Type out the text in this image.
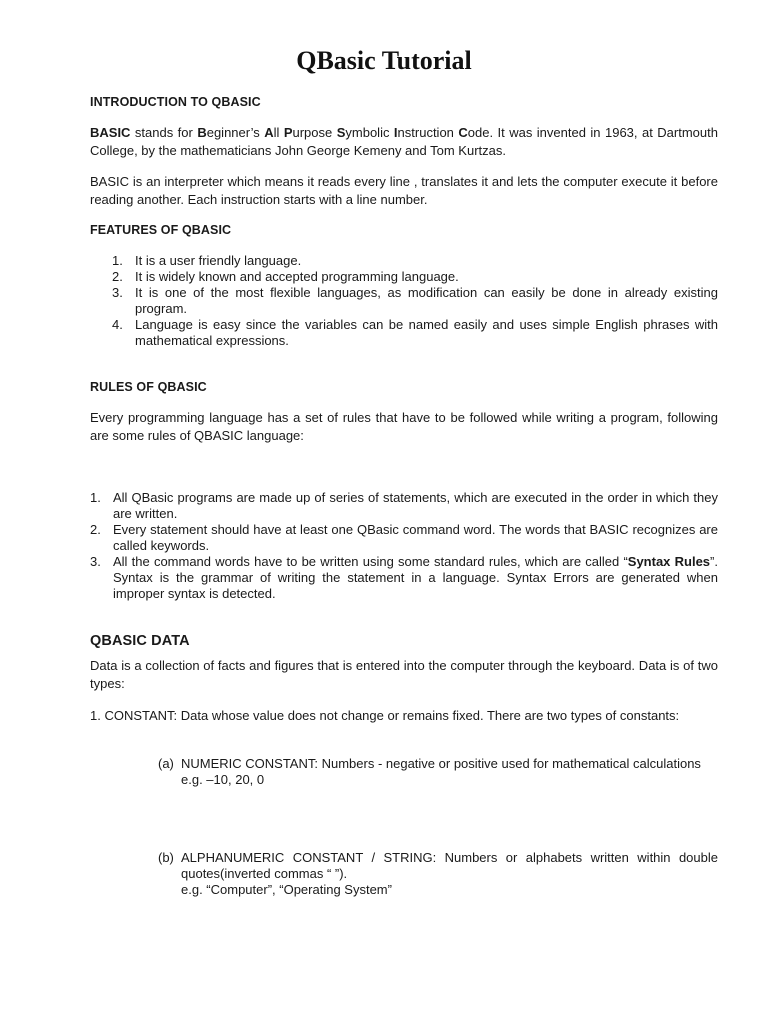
QBasic Tutorial
INTRODUCTION TO QBASIC
BASIC stands for Beginner’s All Purpose Symbolic Instruction Code. It was invented in 1963, at Dartmouth College, by the mathematicians John George Kemeny and Tom Kurtzas.
BASIC is an interpreter which means it reads every line , translates it and lets the computer execute it before reading another. Each instruction starts with a line number.
FEATURES OF QBASIC
1. It is a user friendly language.
2. It is widely known and accepted programming language.
3. It is one of the most flexible languages, as modification can easily be done in already existing program.
4. Language is easy since the variables can be named easily and uses simple English phrases with mathematical expressions.
RULES OF QBASIC
Every programming language has a set of rules that have to be followed while writing a program, following are some rules of QBASIC language:
1. All QBasic programs are made up of series of statements, which are executed in the order in which they are written.
2. Every statement should have at least one QBasic command word. The words that BASIC recognizes are called keywords.
3. All the command words have to be written using some standard rules, which are called “Syntax Rules”. Syntax is the grammar of writing the statement in a language. Syntax Errors are generated when improper syntax is detected.
QBASIC DATA
Data is a collection of facts and figures that is entered into the computer through the keyboard. Data is of two types:
1. CONSTANT: Data whose value does not change or remains fixed. There are two types of constants:
(a) NUMERIC CONSTANT: Numbers - negative or positive used for mathematical calculations
e.g. –10, 20, 0
(b) ALPHANUMERIC CONSTANT / STRING: Numbers or alphabets written within double quotes(inverted commas “ ”).
e.g. “Computer”, “Operating System”
